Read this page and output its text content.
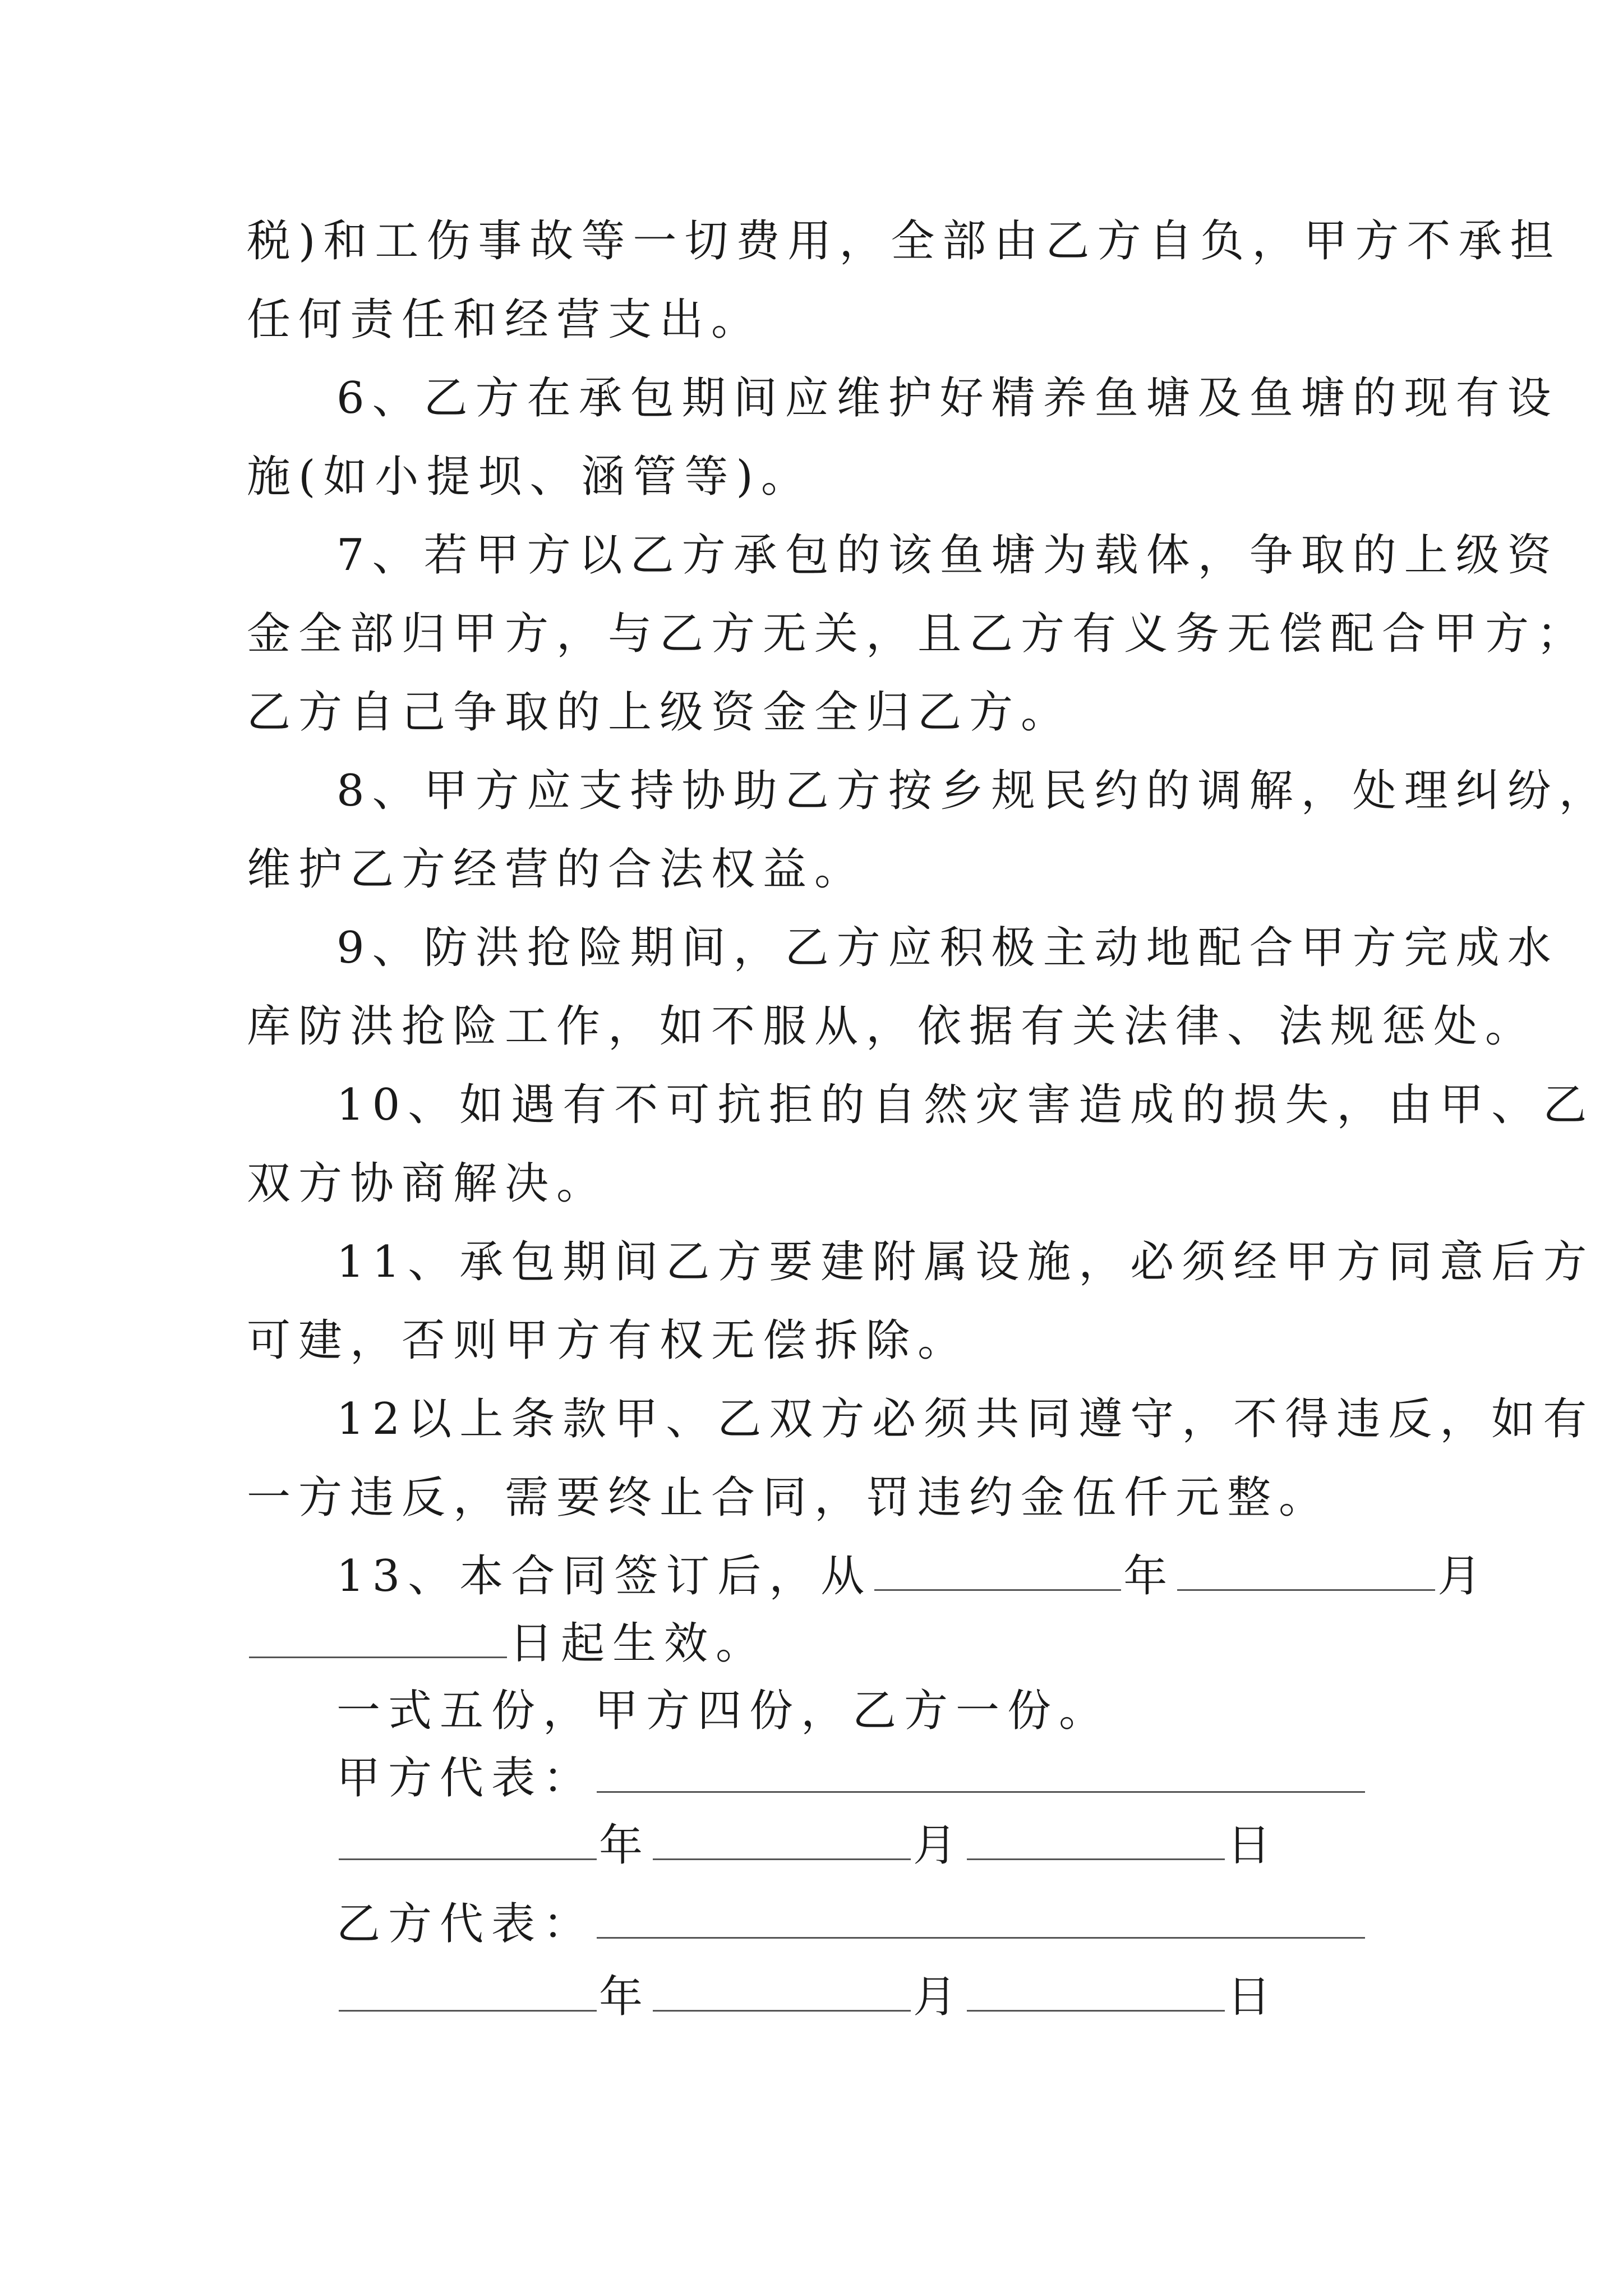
税)和工伤事故等一切费用，全部由乙方自负，甲方不承担
任何责任和经营支出。
6、乙方在承包期间应维护好精养鱼塘及鱼塘的现有设
施(如小提坝、涵管等)。
7、若甲方以乙方承包的该鱼塘为载体，争取的上级资
金全部归甲方，与乙方无关，且乙方有义务无偿配合甲方；
乙方自己争取的上级资金全归乙方。
8、甲方应支持协助乙方按乡规民约的调解，处理纠纷，
维护乙方经营的合法权益。
9、防洪抢险期间，乙方应积极主动地配合甲方完成水
库防洪抢险工作，如不服从，依据有关法律、法规惩处。
10、如遇有不可抗拒的自然灾害造成的损失，由甲、乙
双方协商解决。
11、承包期间乙方要建附属设施，必须经甲方同意后方
可建，否则甲方有权无偿拆除。
12以上条款甲、乙双方必须共同遵守，不得违反，如有
一方违反，需要终止合同，罚违约金伍仟元整。
13、本合同签订后，从	年	月
日起生效。
一式五份，甲方四份，乙方一份。
甲方代表：
年	月	日
乙方代表：
年	月	日
